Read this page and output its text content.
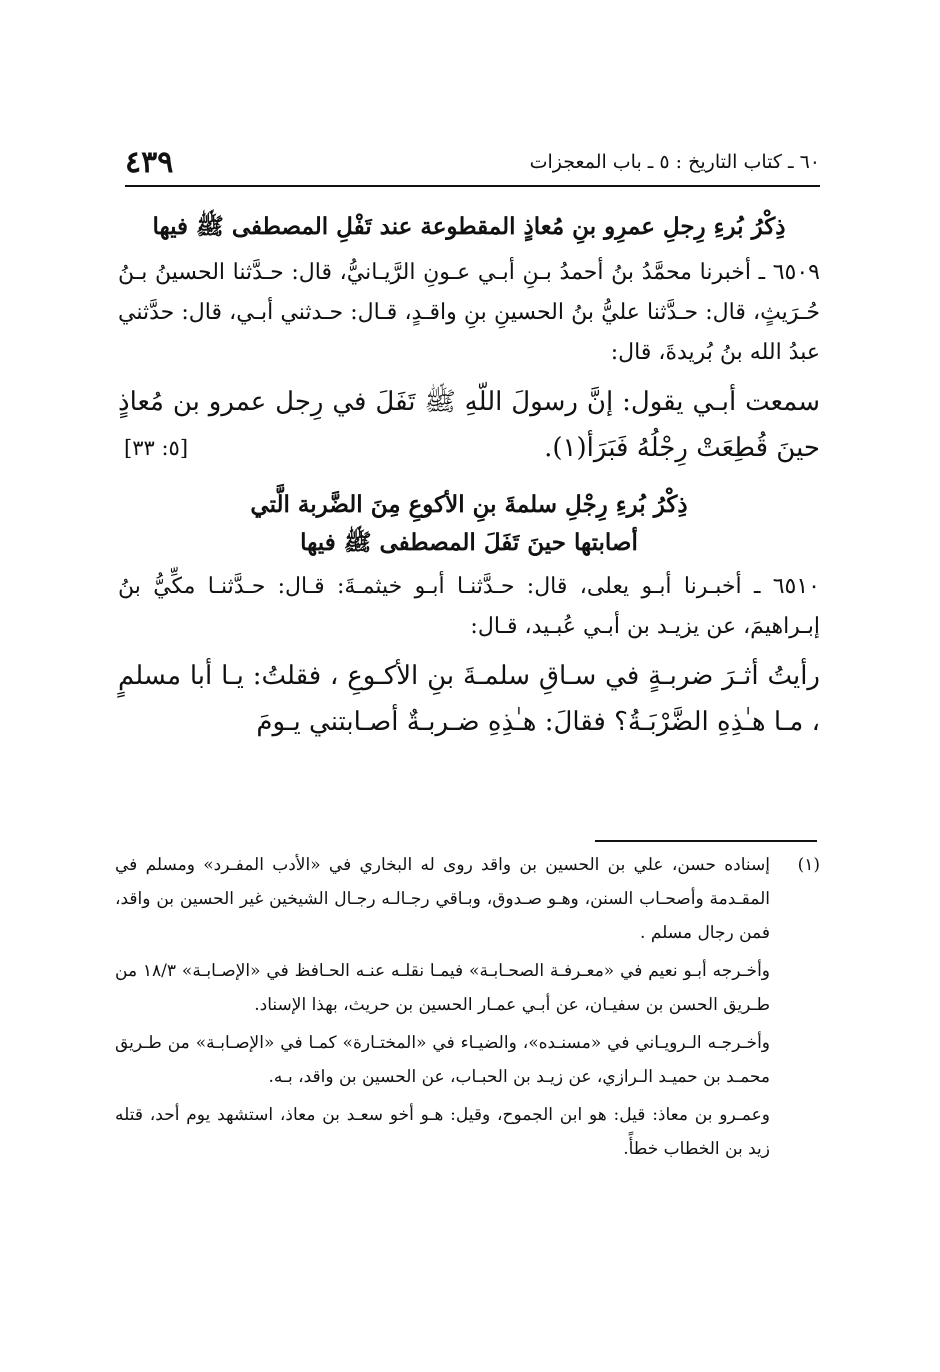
٦٠ ـ كتاب التاريخ : ٥ ـ باب المعجزات
٤٣٩

ذِكْرُ بُرءِ رِجلِ عمرِو بنِ مُعاذٍ المقطوعة عند تَفْلِ المصطفى ﷺ فيها

٦٥٠٩ ـ أخبرنا محمَّدُ بنُ أحمدُ بـنِ أبـي عـونِ الرَّيـانيُّ، قال: حـدَّثنا الحسينُ بـنُ حُـرَيثٍ، قال: حـدَّثنا عليُّ بنُ الحسينِ بنِ واقـدٍ، قـال: حـدثني أبـي، قال: حدَّثني عبدُ الله بنُ بُريدةَ، قال:

سمعت أبـي يقول: إنَّ رسولَ اللّهِ ﷺ تَفَلَ في رِجل عمرو بن مُعاذٍ حينَ قُطِعَتْ رِجْلُهُ فَبَرَأ(١).
[٥: ٣٣]

ذِكْرُ بُرءِ رِجْلِ سلمةَ بنِ الأكوعِ مِنَ الضَّربة الَّتي

أصابتها حينَ تَفَلَ المصطفى ﷺ فيها

٦٥١٠ ـ أخبـرنا أبـو يعلى، قال: حـدَّثنـا أبـو خيثمـةَ: قـال: حـدَّثنـا مكِّيُّ بنُ إبـراهيمَ، عن يزيـد بن أبـي عُبـيد، قـال:

رأيتُ أثـرَ ضربـةٍ في سـاقِ سلمـةَ بنِ الأكـوعِ ، فقلتُ: يـا أبا مسلمٍ ، مـا هـٰذِهِ الضَّرْبَـةُ؟ فقالَ: هـٰذِهِ ضـربـةٌ أصـابتني يـومَ

(١)
إسناده حسن، علي بن الحسين بن واقد روى له البخاري في «الأدب المفـرد» ومسلم في المقـدمة وأصحـاب السنن، وهـو صـدوق، وبـاقي رجـالـه رجـال الشيخين غير الحسين بن واقد، فمن رجال مسلم .

وأخـرجه أبـو نعيم في «معـرفـة الصحـابـة» فيمـا نقلـه عنـه الحـافظ في «الإصـابـة» ١٨/٣ من طـريق الحسن بن سفيـان، عن أبـي عمـار الحسين بن حريث، بهذا الإسناد.

وأخـرجـه الـرويـاني في «مسنـده»، والضيـاء في «المختـارة» كمـا في «الإصـابـة» من طـريق محمـد بن حميـد الـرازي، عن زيـد بن الحبـاب، عن الحسين بن واقد، بـه.

وعمـرو بن معاذ: قيل: هو ابن الجموح، وقيل: هـو أخو سعـد بن معاذ، استشهد يوم أحد، قتله زيد بن الخطاب خطأً.
